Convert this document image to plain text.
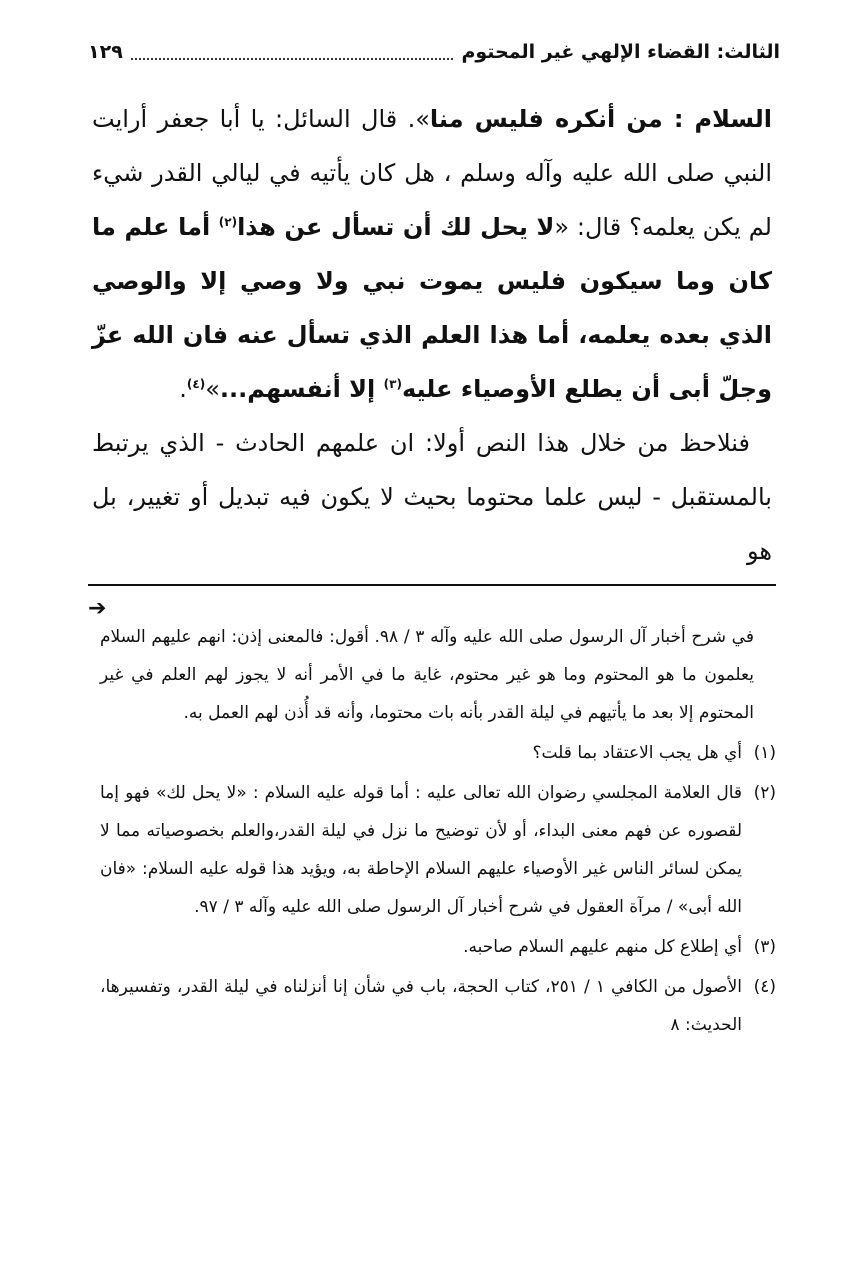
الثالث: القضاء الإلهي غير المحتوم
١٢٩

السلام : من أنكره فليس منا». قال السائل: يا أبا جعفر أرايت النبي صلى الله عليه وآله وسلم ، هل كان يأتيه في ليالي القدر شيء لم يكن يعلمه؟ قال: «لا يحل لك أن تسأل عن هذا$^{(٢)}$ أما علم ما كان وما سيكون فليس يموت نبي ولا وصي إلا والوصي الذي بعده يعلمه، أما هذا العلم الذي تسأل عنه فان الله عزّ وجلّ أبى أن يطلع الأوصياء عليه$^{(٣)}$ إلا أنفسهم...»$^{(٤)}$.

فنلاحظ من خلال هذا النص أولا: ان علمهم الحادث - الذي يرتبط بالمستقبل - ليس علما محتوما بحيث لا يكون فيه تبديل أو تغيير، بل هو

➔

في شرح أخبار آل الرسول صلى الله عليه وآله ٣ / ٩٨. أقول: فالمعنى إذن: انهم عليهم السلام يعلمون ما هو المحتوم وما هو غير محتوم، غاية ما في الأمر أنه لا يجوز لهم العلم في غير المحتوم إلا بعد ما يأتيهم في ليلة القدر بأنه بات محتوما، وأنه قد أُذن لهم العمل به.

(١)
أي هل يجب الاعتقاد بما قلت؟
(٢)
قال العلامة المجلسي رضوان الله تعالى عليه : أما قوله عليه السلام : «لا يحل لك» فهو إما لقصوره عن فهم معنى البداء، أو لأن توضيح ما نزل في ليلة القدر،والعلم بخصوصياته مما لا يمكن لسائر الناس غير الأوصياء عليهم السلام الإحاطة به، ويؤيد هذا قوله عليه السلام: «فان الله أبى» / مرآة العقول في شرح أخبار آل الرسول صلى الله عليه وآله ٣ / ٩٧.
(٣)
أي إطلاع كل منهم عليهم السلام صاحبه.
(٤)
الأصول من الكافي ١ / ٢٥١، كتاب الحجة، باب في شأن إنا أنزلناه في ليلة القدر، وتفسيرها، الحديث: ٨
